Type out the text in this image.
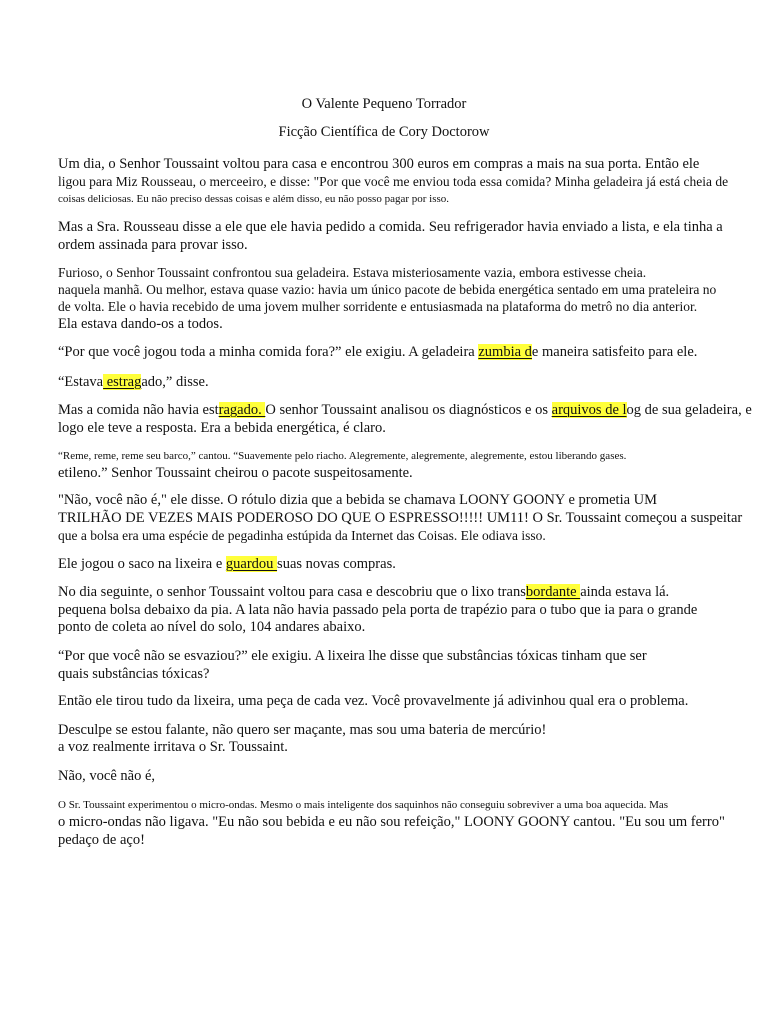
O Valente Pequeno Torrador
Ficção Científica de Cory Doctorow
Um dia, o Senhor Toussaint voltou para casa e encontrou 300 euros em compras a mais na sua porta. Então ele
ligou para Miz Rousseau, o merceeiro, e disse: "Por que você me enviou toda essa comida? Minha geladeira já está cheia de
coisas deliciosas. Eu não preciso dessas coisas e além disso, eu não posso pagar por isso.
Mas a Sra. Rousseau disse a ele que ele havia pedido a comida. Seu refrigerador havia enviado a lista, e ela tinha a
ordem assinada para provar isso.
Furioso, o Senhor Toussaint confrontou sua geladeira. Estava misteriosamente vazia, embora estivesse cheia.
naquela manhã. Ou melhor, estava quase vazio: havia um único pacote de bebida energética sentado em uma prateleira no
de volta. Ele o havia recebido de uma jovem mulher sorridente e entusiasmada na plataforma do metrô no dia anterior.
Ela estava dando-os a todos.
“Por que você jogou toda a minha comida fora?” ele exigiu. A geladeira zumbia de maneira satisfeito para ele.
“Estava estragado,” disse.
Mas a comida não havia estragado. O senhor Toussaint analisou os diagnósticos e os arquivos de log de sua geladeira, e
logo ele teve a resposta. Era a bebida energética, é claro.
“Reme, reme, reme seu barco,” cantou. “Suavemente pelo riacho. Alegremente, alegremente, alegremente, estou liberando gases.
etileno.” Senhor Toussaint cheirou o pacote suspeitosamente.
"Não, você não é," ele disse. O rótulo dizia que a bebida se chamava LOONY GOONY e prometia UM
TRILHÃO DE VEZES MAIS PODEROSO DO QUE O ESPRESSO!!!!! UM11! O Sr. Toussaint começou a suspeitar
que a bolsa era uma espécie de pegadinha estúpida da Internet das Coisas. Ele odiava isso.
Ele jogou o saco na lixeira e guardou suas novas compras.
No dia seguinte, o senhor Toussaint voltou para casa e descobriu que o lixo transbordante ainda estava lá.
pequena bolsa debaixo da pia. A lata não havia passado pela porta de trapézio para o tubo que ia para o grande
ponto de coleta ao nível do solo, 104 andares abaixo.
“Por que você não se esvaziou?” ele exigiu. A lixeira lhe disse que substâncias tóxicas tinham que ser
quais substâncias tóxicas?
Então ele tirou tudo da lixeira, uma peça de cada vez. Você provavelmente já adivinhou qual era o problema.
Desculpe se estou falante, não quero ser maçante, mas sou uma bateria de mercúrio!
a voz realmente irritava o Sr. Toussaint.
Não, você não é,
O Sr. Toussaint experimentou o micro-ondas. Mesmo o mais inteligente dos saquinhos não conseguiu sobreviver a uma boa aquecida. Mas
o micro-ondas não ligava. "Eu não sou bebida e eu não sou refeição," LOONY GOONY cantou. "Eu sou um ferro"
pedaço de aço!
